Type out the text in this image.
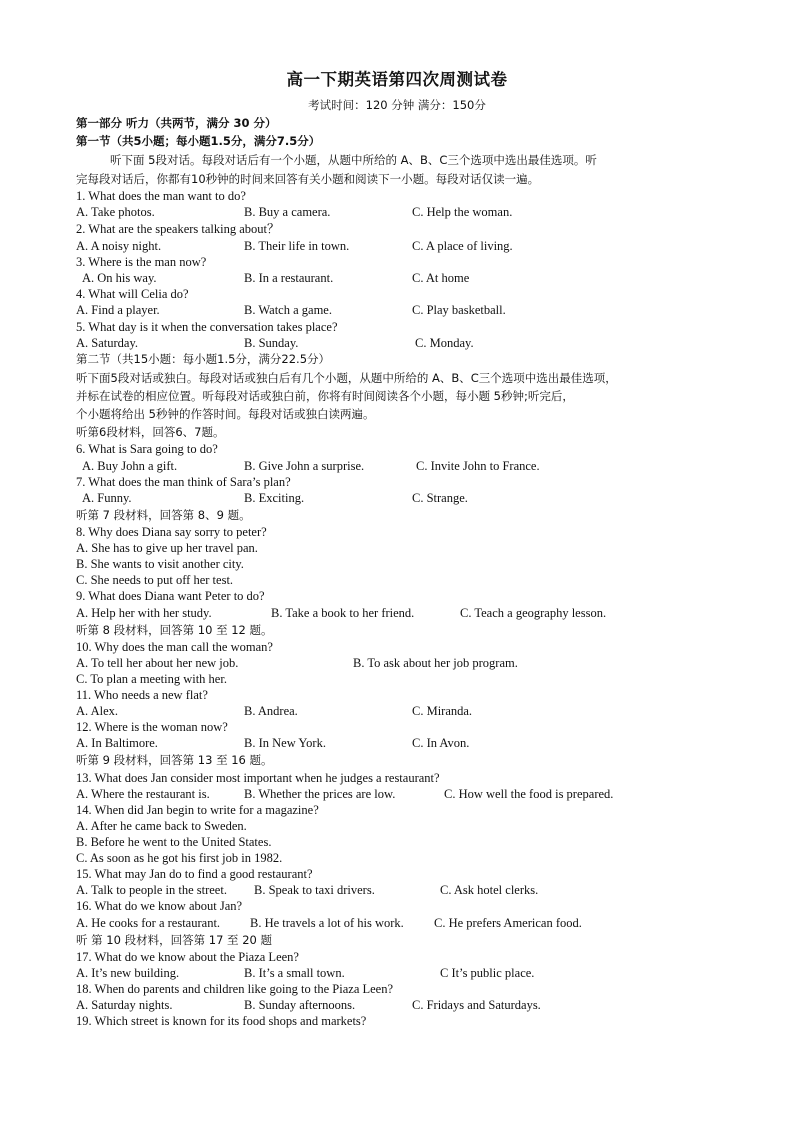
高一下期英语第四次周测试卷
考试时间：120 分钟 满分：150分
第一部分 听力（共两节，满分 30 分）
第一节（共5小题；每小题1.5分，满分7.5分）
听下面 5段对话。每段对话后有一个小题，从题中所给的 A、B、C三个选项中选出最佳选项。听
完每段对话后，你都有10秒钟的时间来回答有关小题和阅读下一小题。每段对话仅读一遍。
1. What does the man want to do?
A. Take photos.	B. Buy a camera.	C. Help the woman.
2. What are the speakers talking about？
A. A noisy night.	B. Their life in town.	C. A place of living.
3. Where is the man now?
A. On his way.	B. In a restaurant.	C. At home
4. What will Celia do?
A. Find a player.	B. Watch a game.	C. Play basketball.
5. What day is it when the conversation takes place?
A. Saturday.	B. Sunday.	C. Monday.
第二节（共15小题：每小题1.5分，满分22.5分）
听下面5段对话或独白。每段对话或独白后有几个小题，从题中所给的 A、B、C三个选项中选出最佳选项，
并标在试卷的相应位置。听每段对话或独白前，你将有时间阅读各个小题，每小题 5秒钟;听完后，
个小题将给出 5秒钟的作答时间。每段对话或独白读两遍。
听第6段材料，回答6、7题。
6. What is Sara going to do?
A. Buy John a gift.	B. Give John a surprise.	C. Invite John to France.
7. What does the man think of Sara’s plan?
A. Funny.	B. Exciting.	C. Strange.
听第 7 段材料，回答第 8、9 题。
8. Why does Diana say sorry to peter?
A. She has to give up her travel pan.
B. She wants to visit another city.
C. She needs to put off her test.
9. What does Diana want Peter to do?
A. Help her with her study.	B. Take a book to her friend.	C. Teach a geography lesson.
听第 8 段材料，回答第 10 至 12 题。
10. Why does the man call the woman?
A. To tell her about her new job.	B. To ask about her job program.
C. To plan a meeting with her.
11. Who needs a new flat?
A. Alex.	B. Andrea.	C. Miranda.
12. Where is the woman now?
A. In Baltimore.	B. In New York.	C. In Avon.
听第 9 段材料，回答第 13 至 16 题。
13. What does Jan consider most important when he judges a restaurant?
A. Where the restaurant is.	B. Whether the prices are low.	C. How well the food is prepared.
14. When did Jan begin to write for a magazine?
A. After he came back to Sweden.
B. Before he went to the United States.
C. As soon as he got his first job in 1982.
15. What may Jan do to find a good restaurant?
A. Talk to people in the street. B. Speak to taxi drivers.	C. Ask hotel clerks.
16. What do we know about Jan?
A. He cooks for a restaurant. B. He travels a lot of his work. C. He prefers American food.
听 第 10 段材料，回答第 17 至 20 题
17. What do we know about the Piaza Leen?
A. It’s new building.	B. It’s a small town.	C It’s public place.
18. When do parents and children like going to the Piaza Leen?
A. Saturday nights.	B. Sunday afternoons.	C. Fridays and Saturdays.
19. Which street is known for its food shops and markets?
